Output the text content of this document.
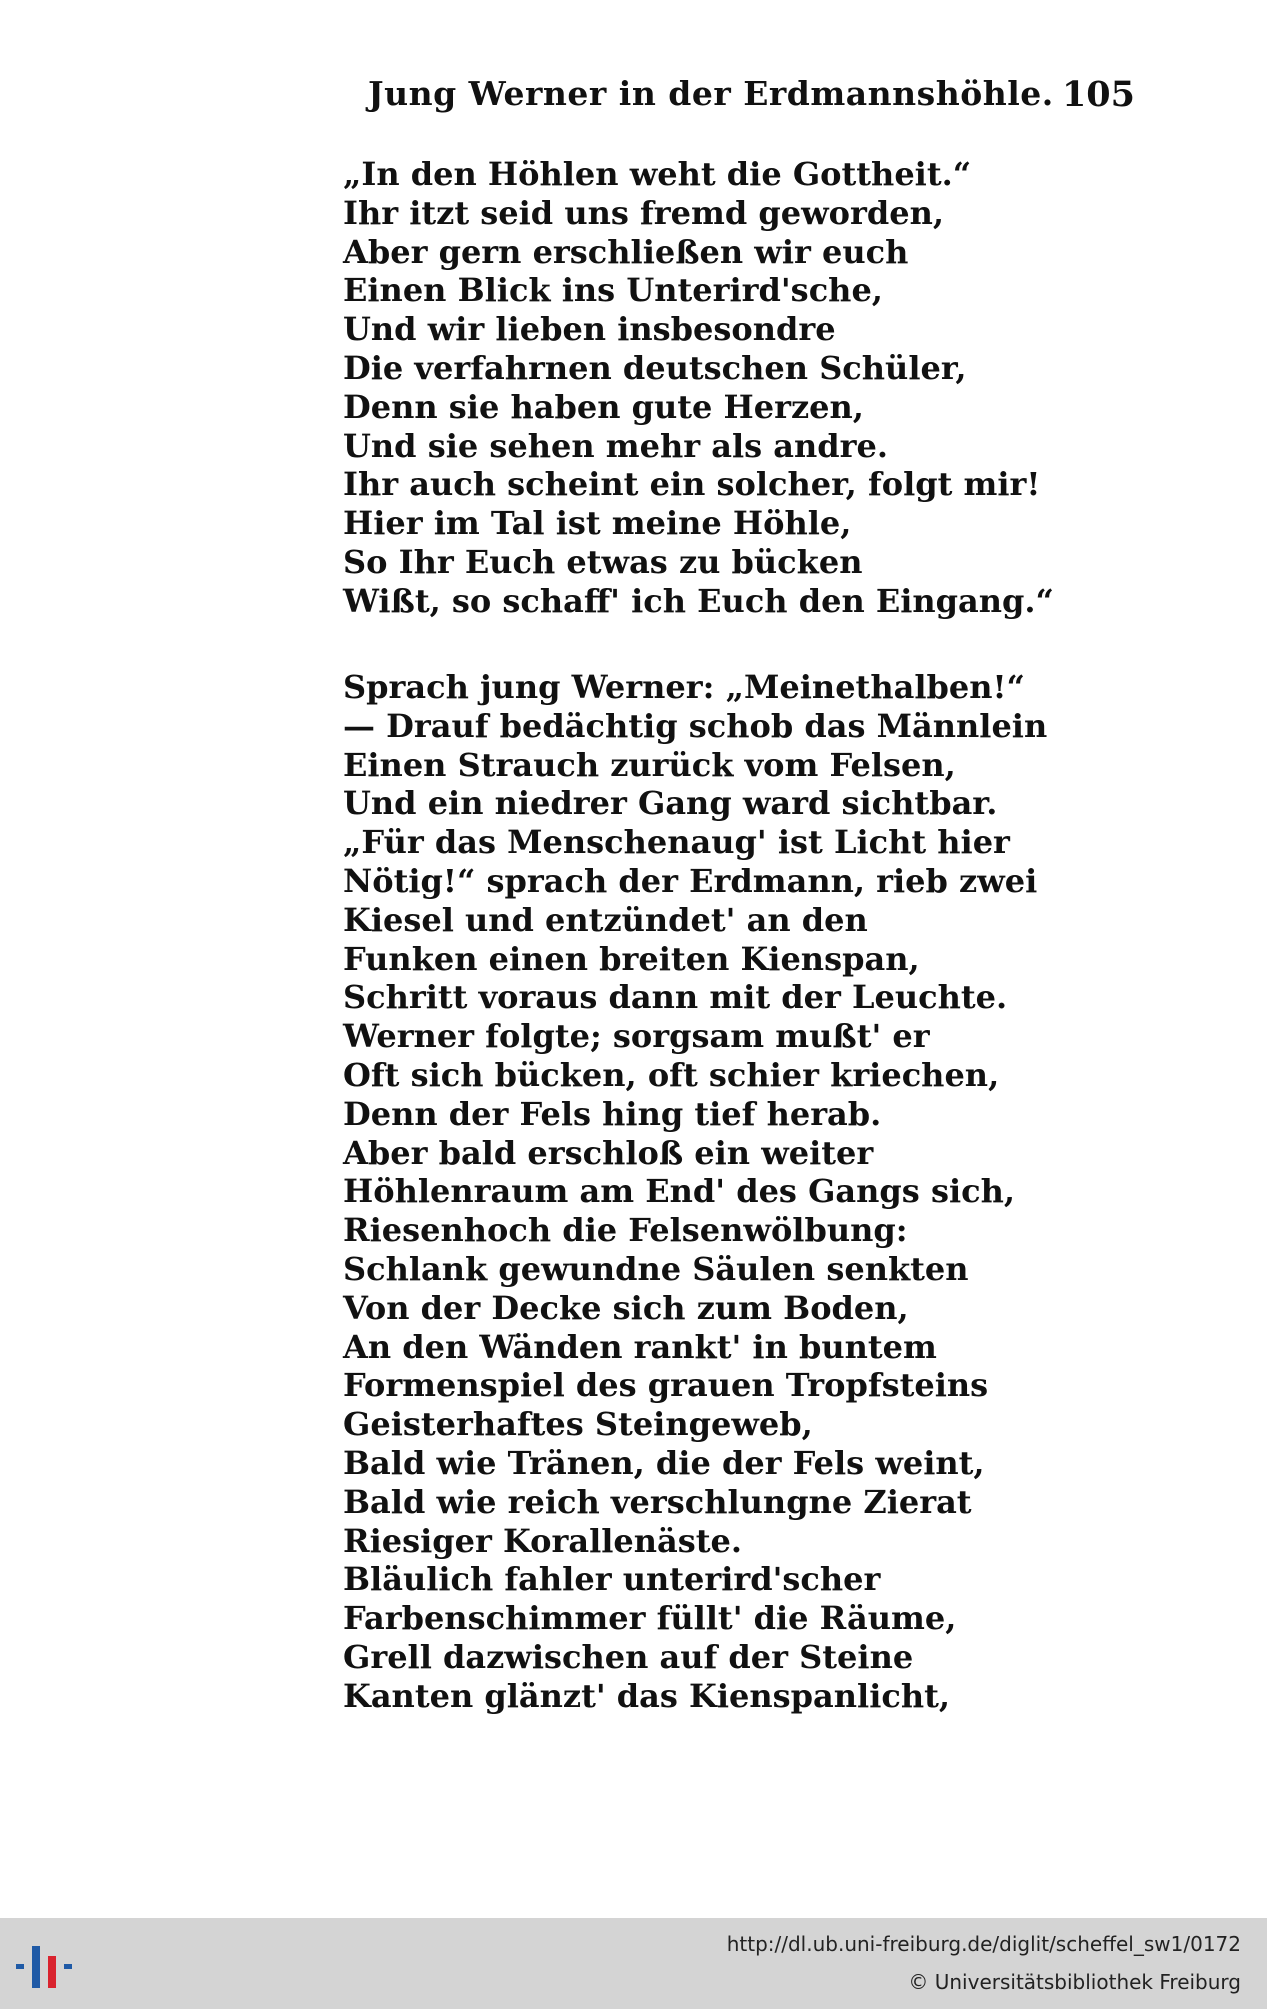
Jung Werner in der Erdmannshöhle. 105
„In den Höhlen weht die Gottheit.“
Ihr itzt seid uns fremd geworden,
Aber gern erschließen wir euch
Einen Blick ins Unterird'sche,
Und wir lieben insbesondre
Die verfahrnen deutschen Schüler,
Denn sie haben gute Herzen,
Und sie sehen mehr als andre.
Ihr auch scheint ein solcher, folgt mir!
Hier im Tal ist meine Höhle,
So Ihr Euch etwas zu bücken
Wißt, so schaff' ich Euch den Eingang.“
Sprach jung Werner: „Meinethalben!“
— Drauf bedächtig schob das Männlein
Einen Strauch zurück vom Felsen,
Und ein niedrer Gang ward sichtbar.
„Für das Menschenaug' ist Licht hier
Nötig!“ sprach der Erdmann, rieb zwei
Kiesel und entzündet' an den
Funken einen breiten Kienspan,
Schritt voraus dann mit der Leuchte.
Werner folgte; sorgsam mußt' er
Oft sich bücken, oft schier kriechen,
Denn der Fels hing tief herab.
Aber bald erschloß ein weiter
Höhlenraum am End' des Gangs sich,
Riesenhoch die Felsenwölbung:
Schlank gewundne Säulen senkten
Von der Decke sich zum Boden,
An den Wänden rankt' in buntem
Formenspiel des grauen Tropfsteins
Geisterhaftes Steingeweb,
Bald wie Tränen, die der Fels weint,
Bald wie reich verschlungne Zierat
Riesiger Korallenäste.
Bläulich fahler unterird'scher
Farbenschimmer füllt' die Räume,
Grell dazwischen auf der Steine
Kanten glänzt' das Kienspanlicht,
http://dl.ub.uni-freiburg.de/diglit/scheffel_sw1/0172
© Universitätsbibliothek Freiburg
